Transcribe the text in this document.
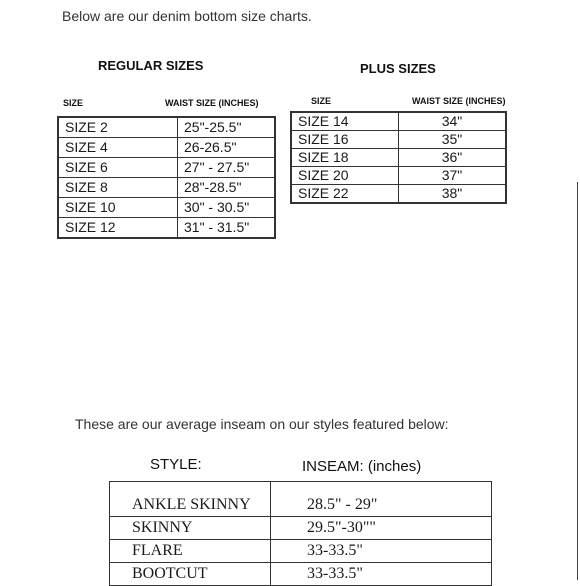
Below are our denim bottom size charts.
REGULAR SIZES
SIZE	WAIST SIZE (INCHES)
SIZE 2	25"-25.5"
SIZE 4	26-26.5"
SIZE 6	27" - 27.5"
SIZE 8	28"-28.5"
SIZE 10	30" - 30.5"
SIZE 12	31" - 31.5"
PLUS SIZES
SIZE	WAIST SIZE (INCHES)
SIZE 14	34"
SIZE 16	35"
SIZE 18	36"
SIZE 20	37"
SIZE 22	38"
These are our average inseam on our styles featured below:
STYLE:	INSEAM: (inches)
ANKLE SKINNY	28.5" - 29"
SKINNY	29.5"-30""
FLARE	33-33.5"
BOOTCUT	33-33.5"
